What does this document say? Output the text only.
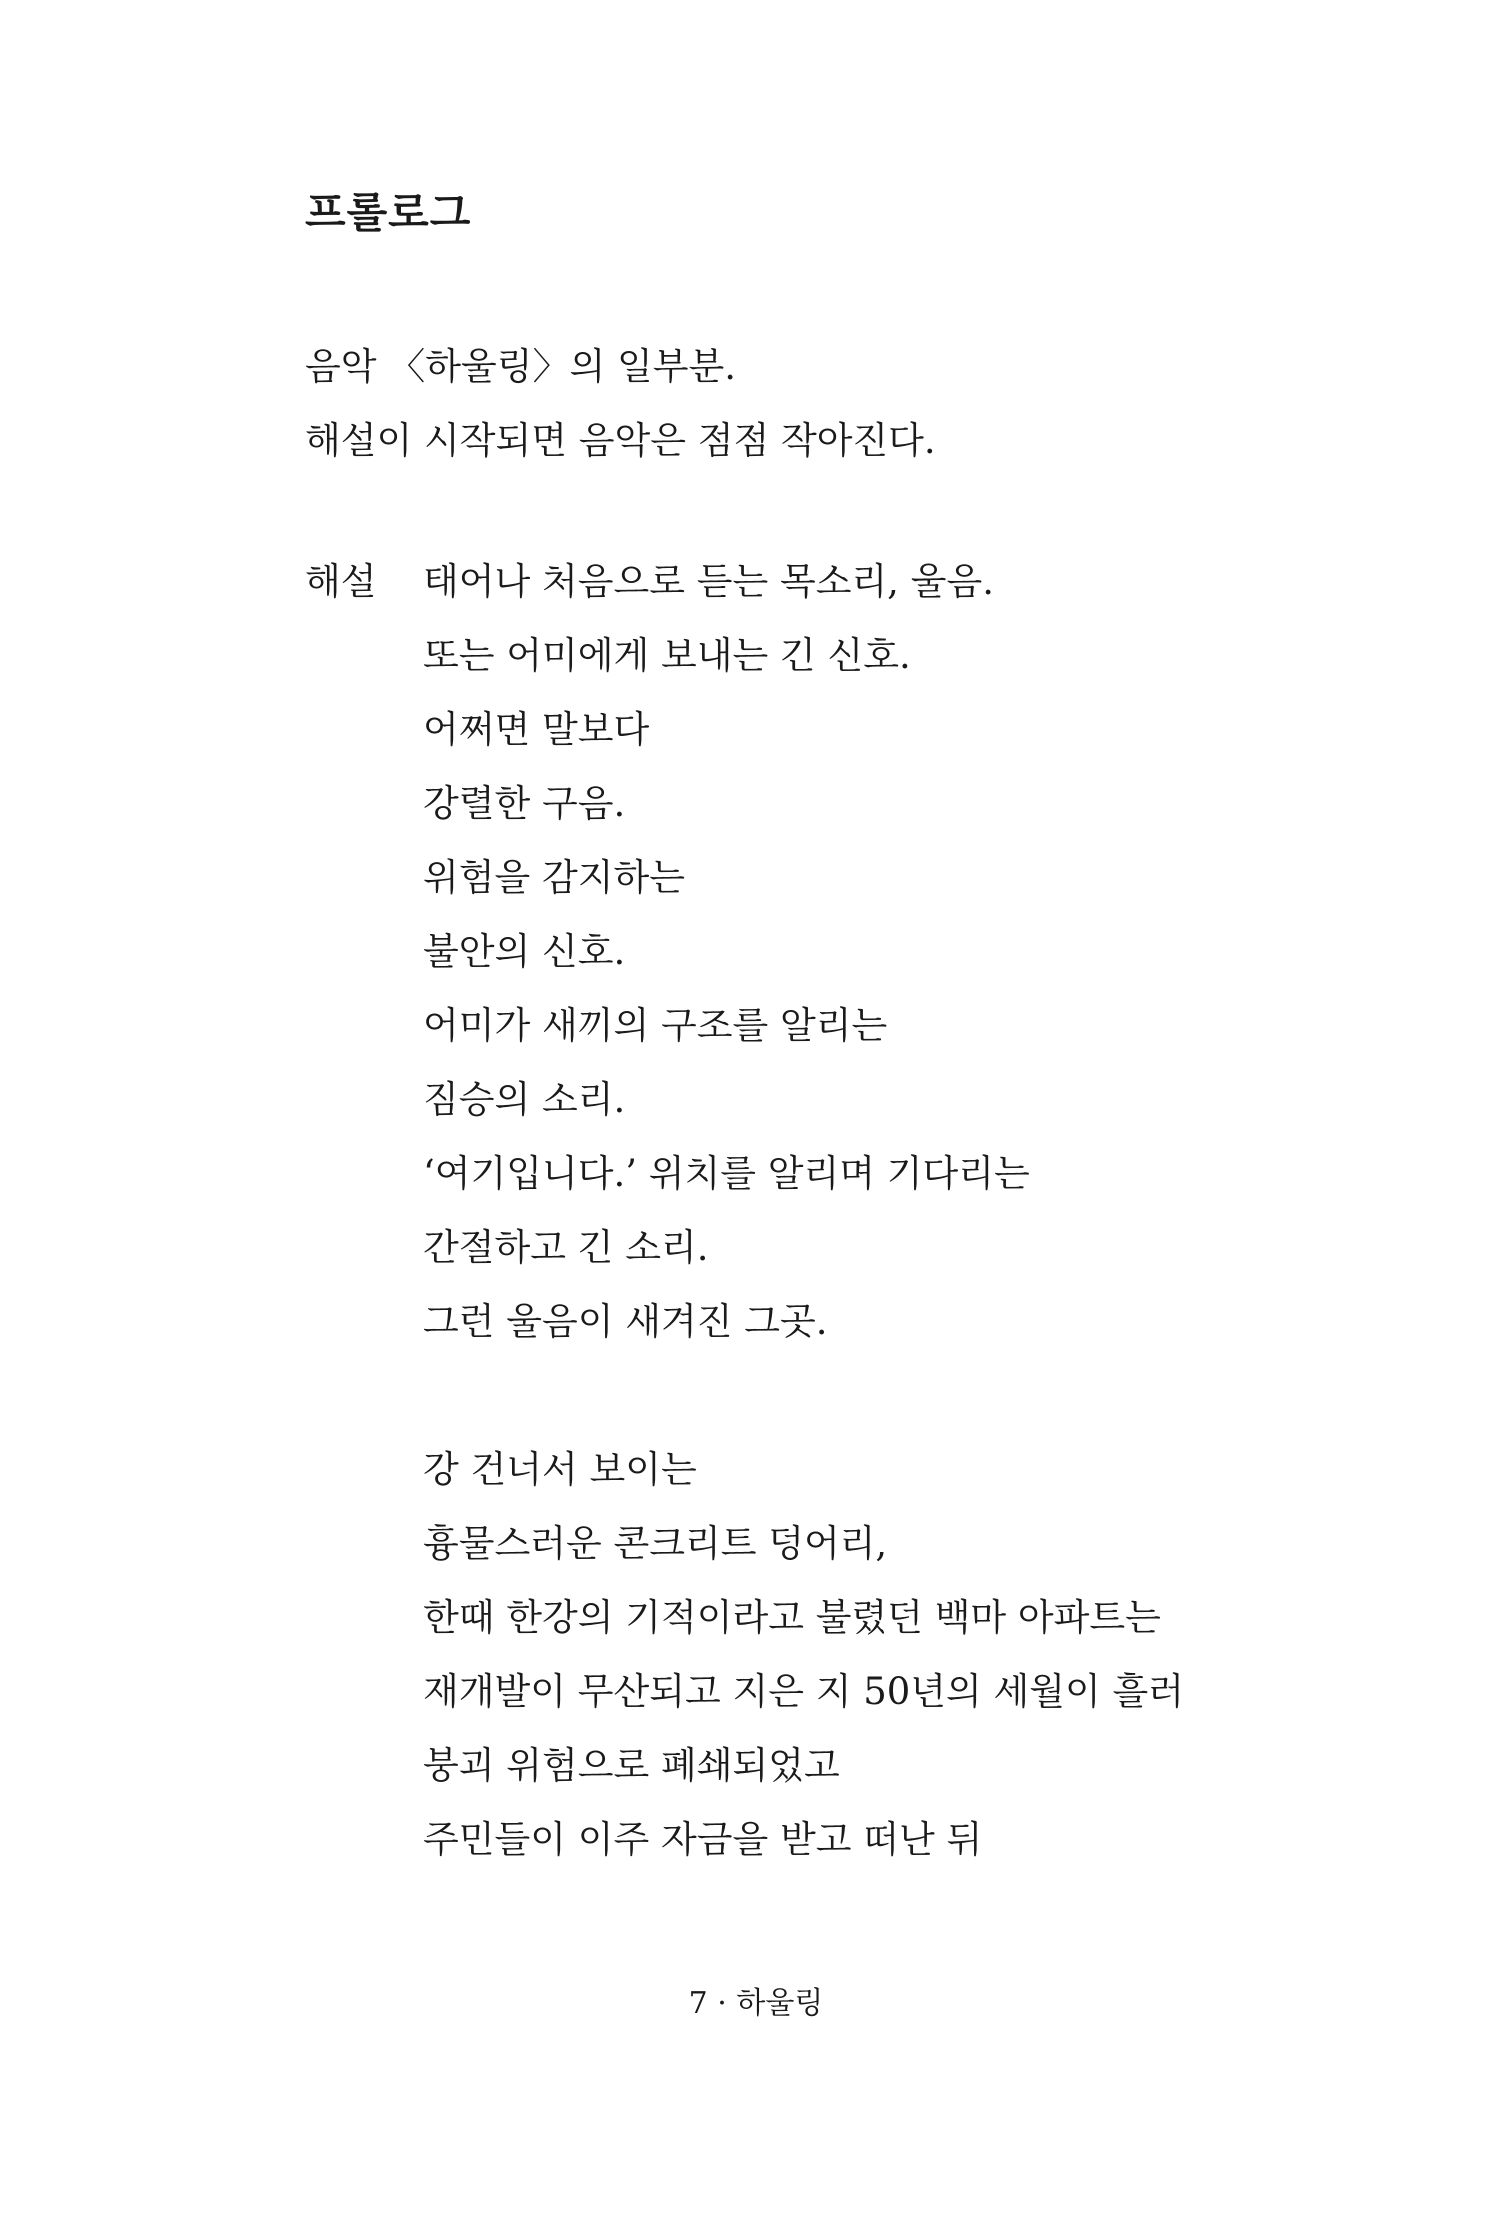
프롤로그
음악 〈하울링〉의 일부분.
해설이 시작되면 음악은 점점 작아진다.
해설 태어나 처음으로 듣는 목소리, 울음.
또는 어미에게 보내는 긴 신호.
어쩌면 말보다
강렬한 구음.
위험을 감지하는
불안의 신호.
어미가 새끼의 구조를 알리는
짐승의 소리.
‘여기입니다.’ 위치를 알리며 기다리는
간절하고 긴 소리.
그런 울음이 새겨진 그곳.
강 건너서 보이는
흉물스러운 콘크리트 덩어리,
한때 한강의 기적이라고 불렸던 백마 아파트는
재개발이 무산되고 지은 지 50년의 세월이 흘러
붕괴 위험으로 폐쇄되었고
주민들이 이주 자금을 받고 떠난 뒤
7 · 하울링
